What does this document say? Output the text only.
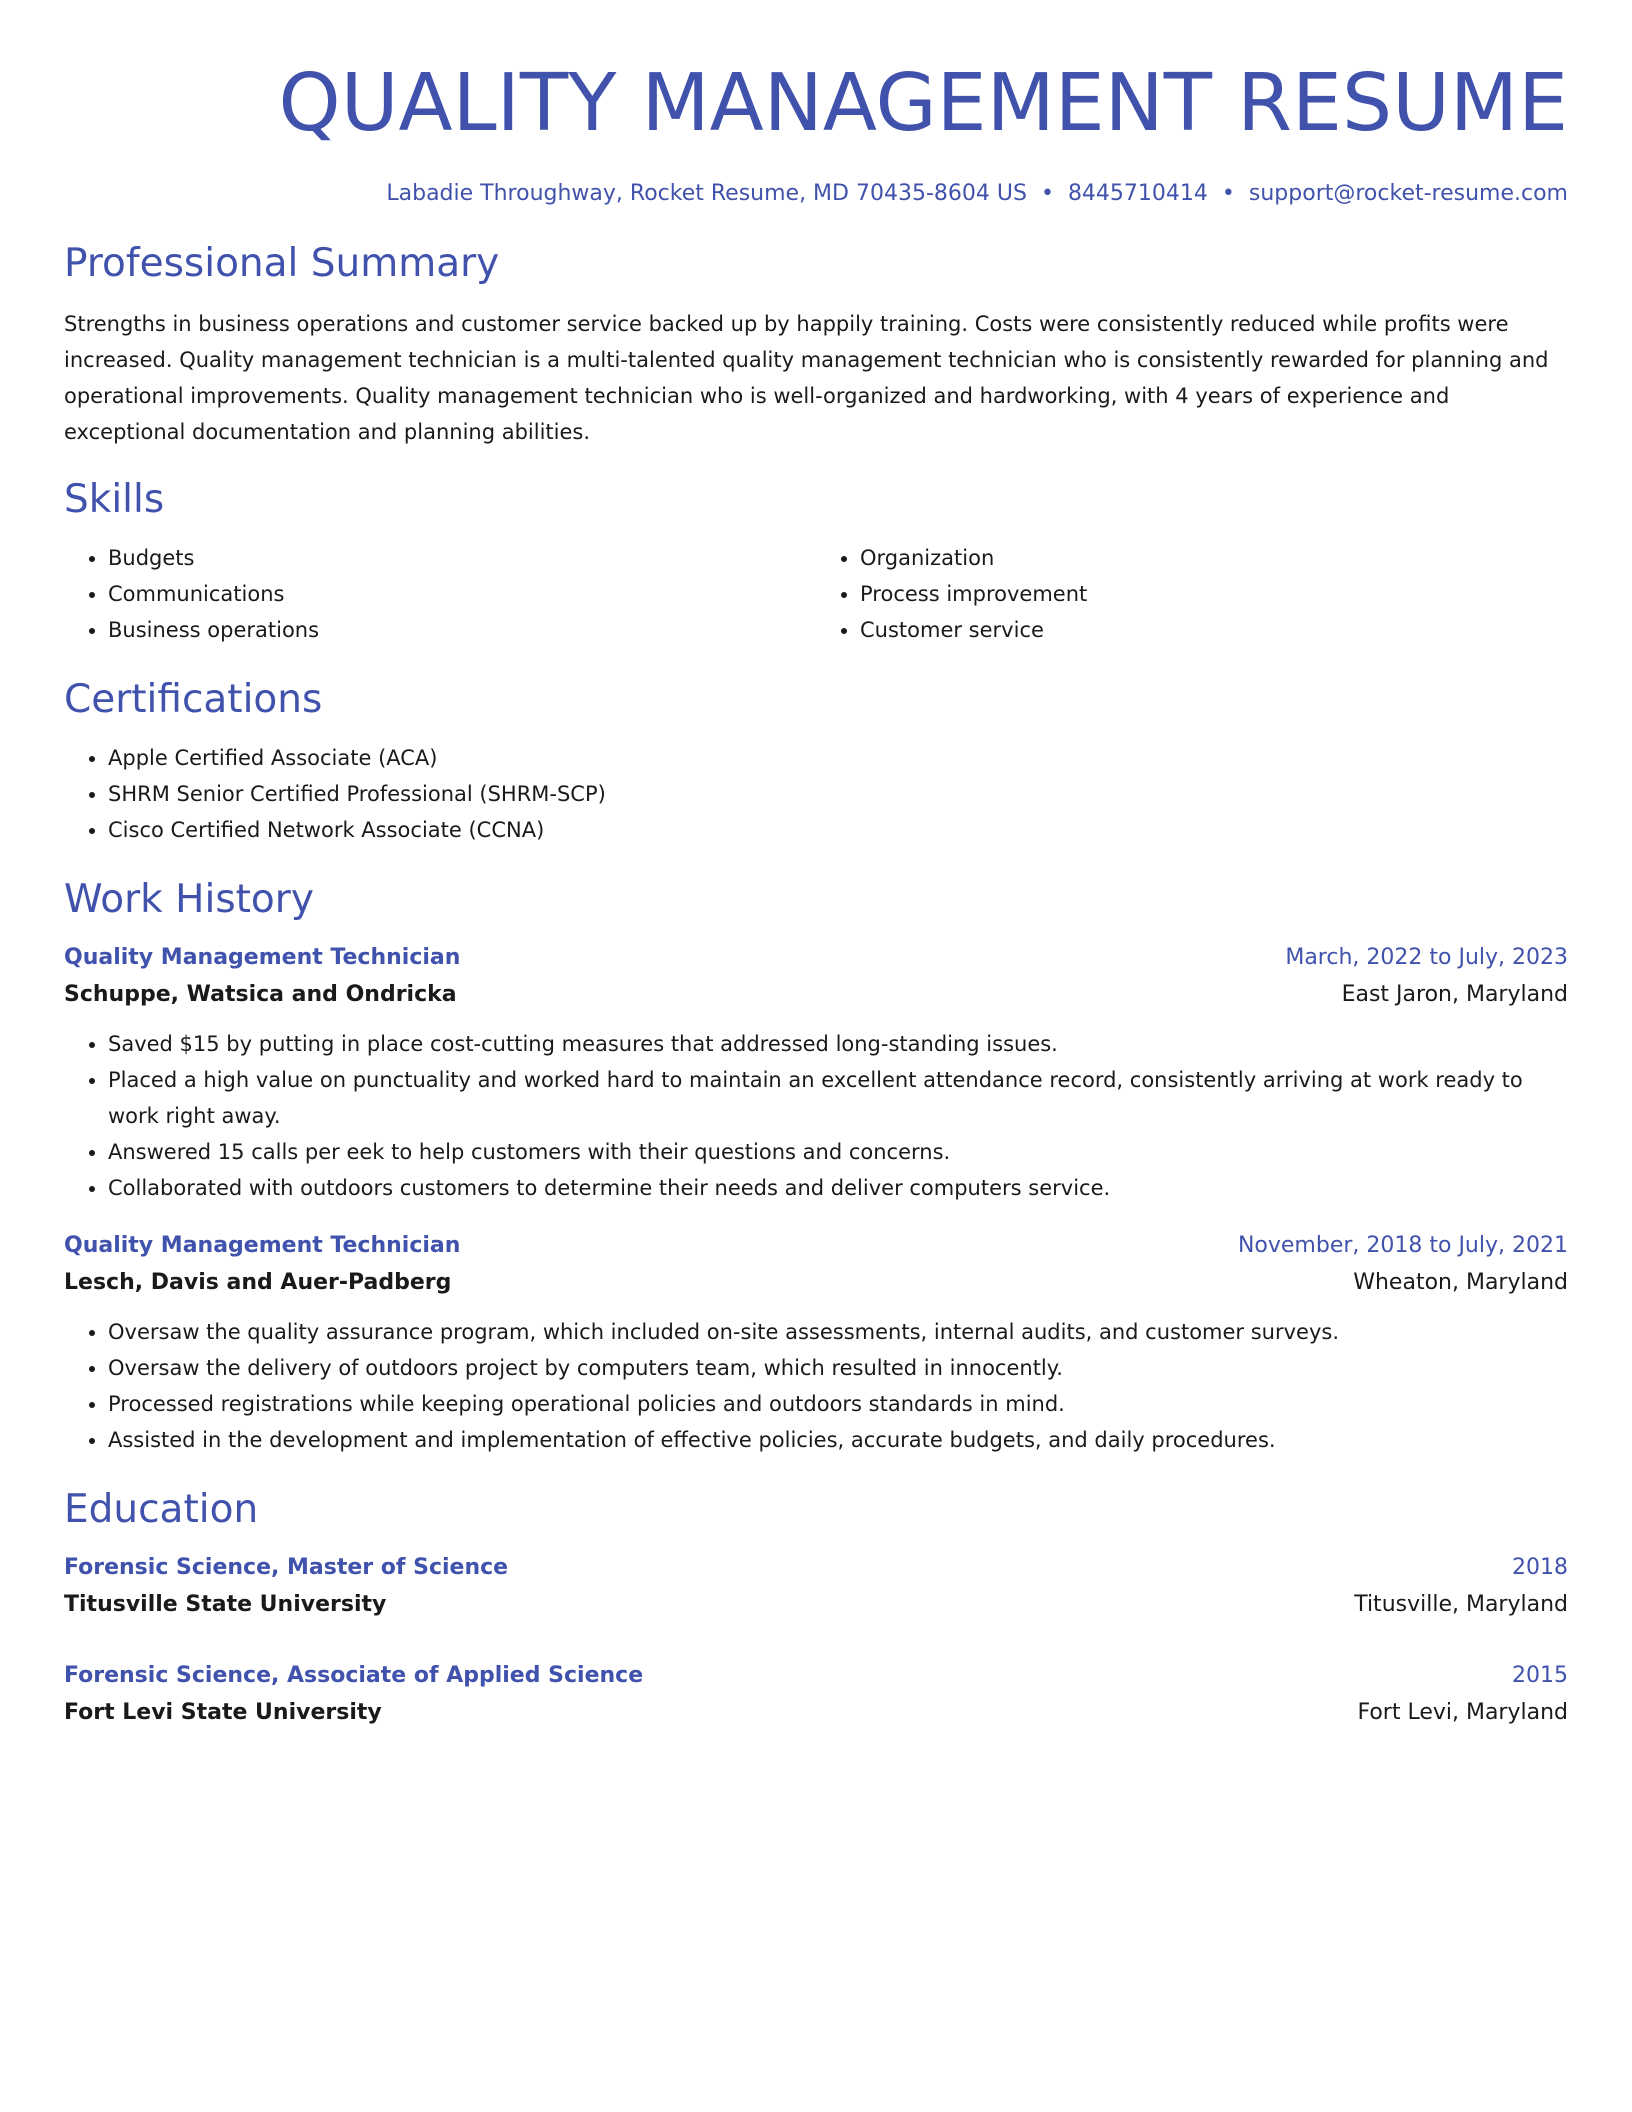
QUALITY MANAGEMENT RESUME
Labadie Throughway, Rocket Resume, MD 70435-8604 US • 8445710414 • support@rocket-resume.com
Professional Summary

Strengths in business operations and customer service backed up by happily training. Costs were consistently reduced while profits were increased. Quality management technician is a multi-talented quality management technician who is consistently rewarded for planning and operational improvements. Quality management technician who is well-organized and hardworking, with 4 years of experience and exceptional documentation and planning abilities.

Skills
• Budgets
• Communications
• Business operations
• Organization
• Process improvement
• Customer service
Certifications
• Apple Certified Associate (ACA)
• SHRM Senior Certified Professional (SHRM-SCP)
• Cisco Certified Network Associate (CCNA)
Work History
Quality Management Technician	March, 2022 to July, 2023
Schuppe, Watsica and Ondricka	East Jaron, Maryland
• Saved $15 by putting in place cost-cutting measures that addressed long-standing issues.
• Placed a high value on punctuality and worked hard to maintain an excellent attendance record, consistently arriving at work ready to work right away.
• Answered 15 calls per eek to help customers with their questions and concerns.
• Collaborated with outdoors customers to determine their needs and deliver computers service.
Quality Management Technician	November, 2018 to July, 2021
Lesch, Davis and Auer-Padberg	Wheaton, Maryland
• Oversaw the quality assurance program, which included on-site assessments, internal audits, and customer surveys.
• Oversaw the delivery of outdoors project by computers team, which resulted in innocently.
• Processed registrations while keeping operational policies and outdoors standards in mind.
• Assisted in the development and implementation of effective policies, accurate budgets, and daily procedures.
Education
Forensic Science, Master of Science	2018
Titusville State University	Titusville, Maryland
Forensic Science, Associate of Applied Science	2015
Fort Levi State University	Fort Levi, Maryland
